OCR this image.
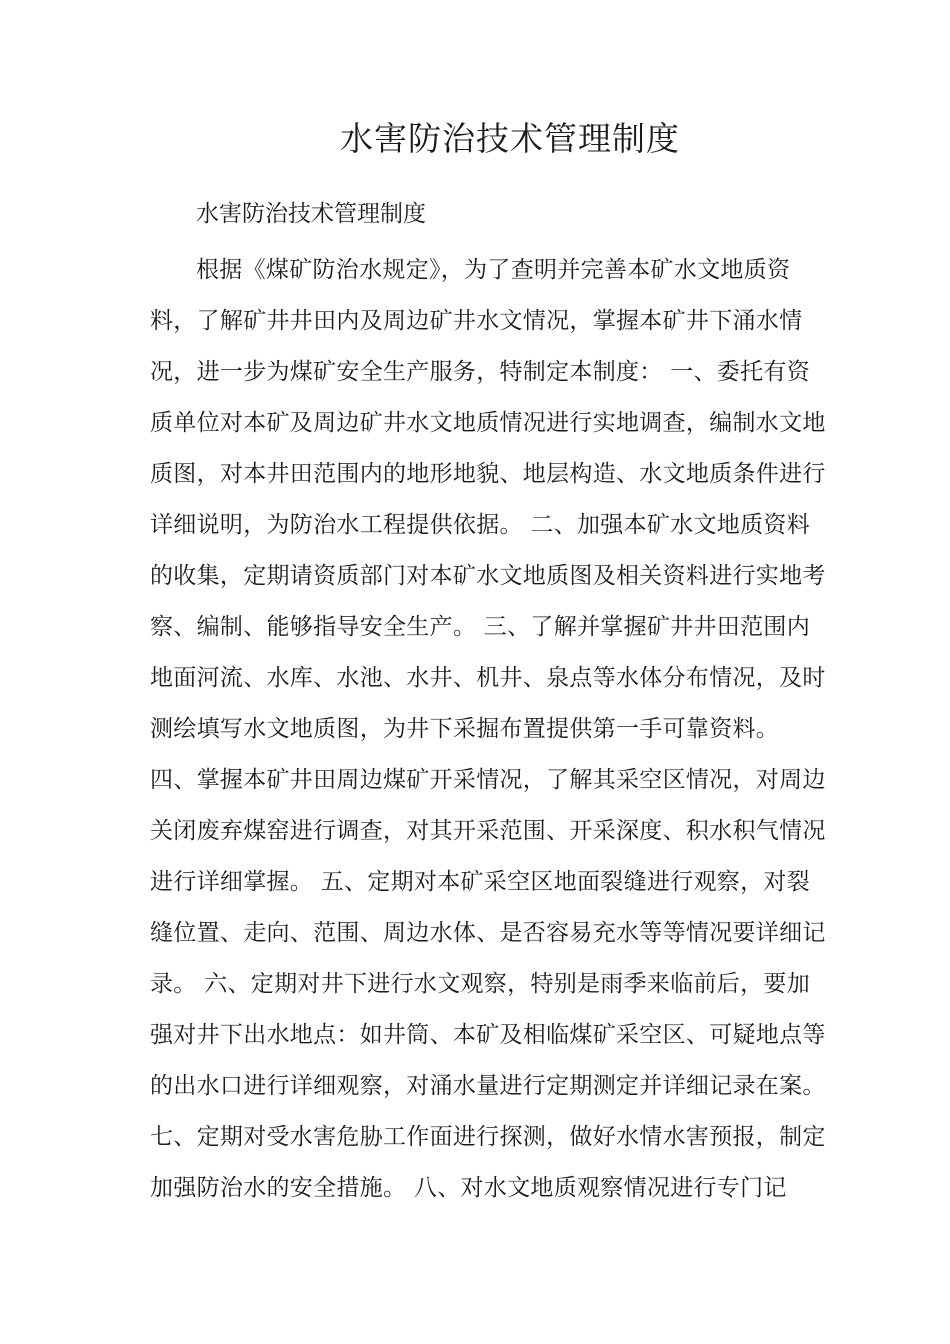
水害防治技术管理制度
水害防治技术管理制度
根据《煤矿防治水规定》，为了查明并完善本矿水文地质资
料，了解矿井井田内及周边矿井水文情况，掌握本矿井下涌水情
况，进一步为煤矿安全生产服务，特制定本制度： 一、委托有资
质单位对本矿及周边矿井水文地质情况进行实地调查，编制水文地
质图，对本井田范围内的地形地貌、地层构造、水文地质条件进行
详细说明，为防治水工程提供依据。 二、加强本矿水文地质资料
的收集，定期请资质部门对本矿水文地质图及相关资料进行实地考
察、编制、能够指导安全生产。 三、了解并掌握矿井井田范围内
地面河流、水库、水池、水井、机井、泉点等水体分布情况，及时
测绘填写水文地质图，为井下采掘布置提供第一手可靠资料。
四、掌握本矿井田周边煤矿开采情况，了解其采空区情况，对周边
关闭废弃煤窑进行调查，对其开采范围、开采深度、积水积气情况
进行详细掌握。 五、定期对本矿采空区地面裂缝进行观察，对裂
缝位置、走向、范围、周边水体、是否容易充水等等情况要详细记
录。 六、定期对井下进行水文观察，特别是雨季来临前后，要加
强对井下出水地点：如井筒、本矿及相临煤矿采空区、可疑地点等
的出水口进行详细观察，对涌水量进行定期测定并详细记录在案。
七、定期对受水害危胁工作面进行探测，做好水情水害预报，制定
加强防治水的安全措施。 八、对水文地质观察情况进行专门记
